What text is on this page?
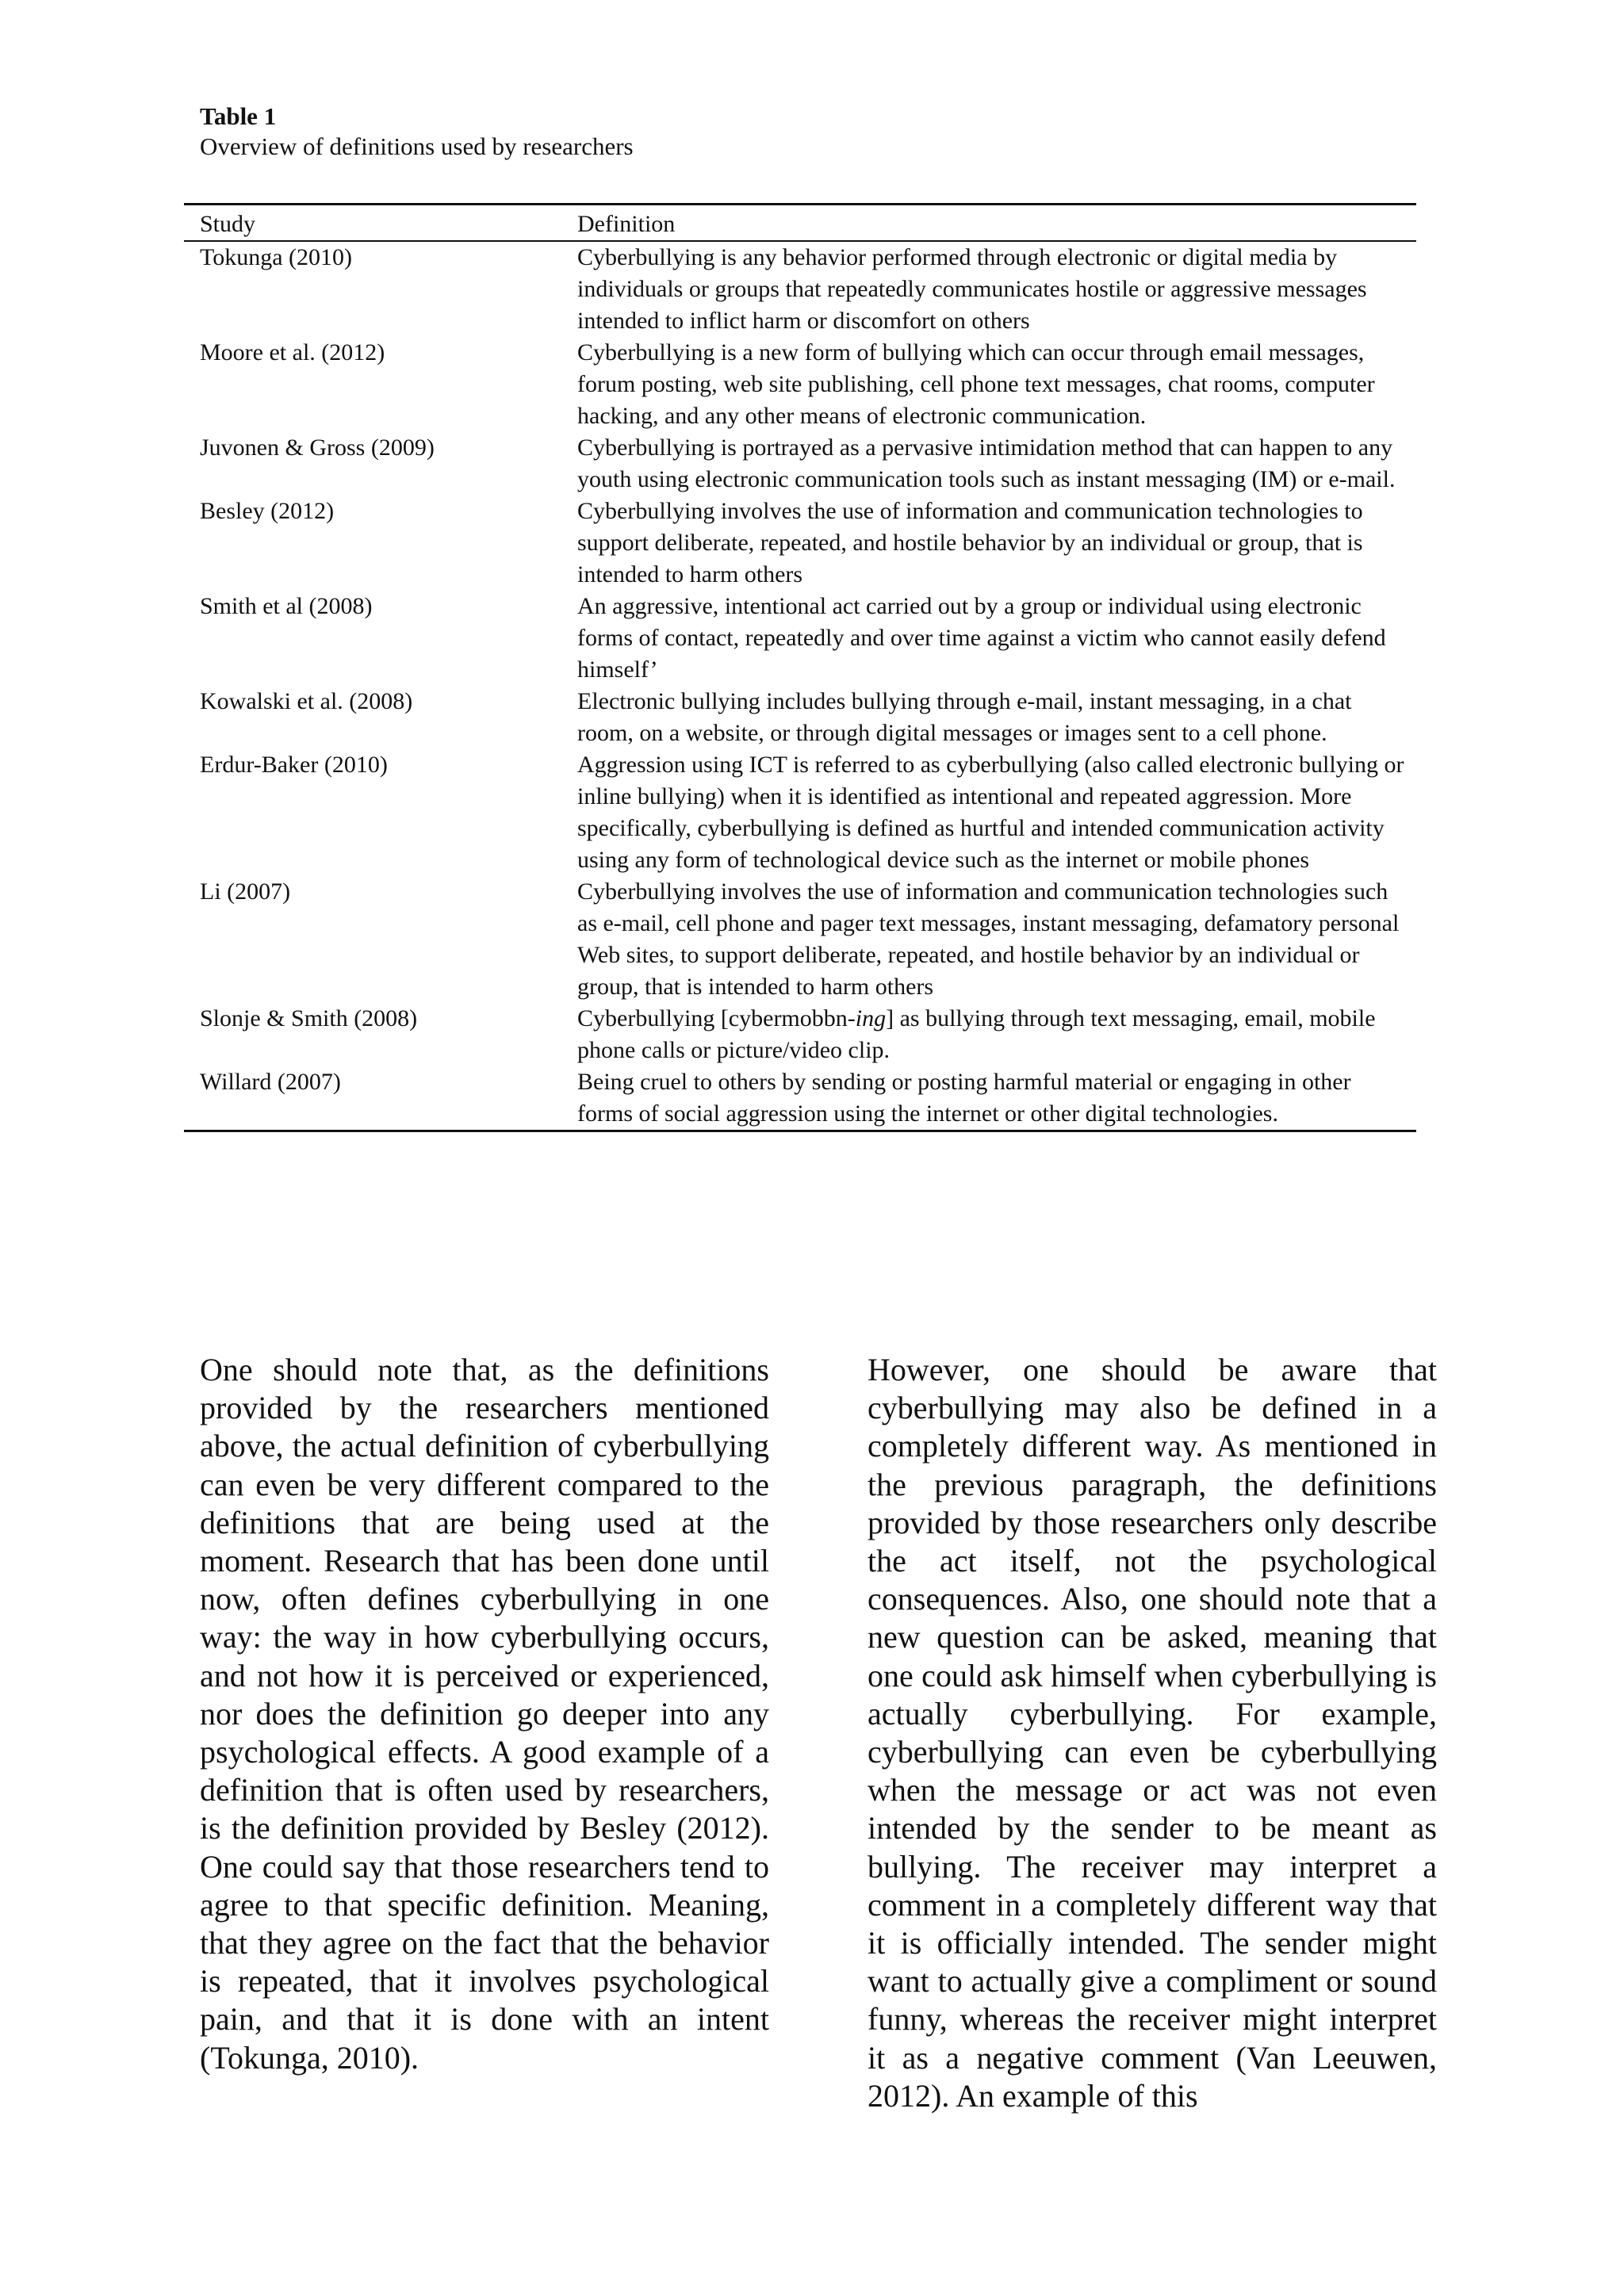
Table 1
Overview of definitions used by researchers
Study	Definition
Tokunga (2010)	Cyberbullying is any behavior performed through electronic or digital media by individuals or groups that repeatedly communicates hostile or aggressive messages intended to inflict harm or discomfort on others
Moore et al. (2012)	Cyberbullying is a new form of bullying which can occur through email messages, forum posting, web site publishing, cell phone text messages, chat rooms, computer hacking, and any other means of electronic communication.
Juvonen & Gross (2009)	Cyberbullying is portrayed as a pervasive intimidation method that can happen to any youth using electronic communication tools such as instant messaging (IM) or e-mail.
Besley (2012)	Cyberbullying involves the use of information and communication technologies to support deliberate, repeated, and hostile behavior by an individual or group, that is intended to harm others
Smith et al (2008)	An aggressive, intentional act carried out by a group or individual using electronic forms of contact, repeatedly and over time against a victim who cannot easily defend himself’
Kowalski et al. (2008)	Electronic bullying includes bullying through e-mail, instant messaging, in a chat room, on a website, or through digital messages or images sent to a cell phone.
Erdur-Baker (2010)	Aggression using ICT is referred to as cyberbullying (also called electronic bullying or inline bullying) when it is identified as intentional and repeated aggression. More specifically, cyberbullying is defined as hurtful and intended communication activity using any form of technological device such as the internet or mobile phones
Li (2007)	Cyberbullying involves the use of information and communication technologies such as e-mail, cell phone and pager text messages, instant messaging, defamatory personal Web sites, to support deliberate, repeated, and hostile behavior by an individual or group, that is intended to harm others
Slonje & Smith (2008)	Cyberbullying [cybermobbn-ing] as bullying through text messaging, email, mobile phone calls or picture/video clip.
Willard (2007)	Being cruel to others by sending or posting harmful material or engaging in other forms of social aggression using the internet or other digital technologies.

One should note that, as the definitions provided by the researchers mentioned above, the actual definition of cyberbullying can even be very different compared to the definitions that are being used at the moment. Research that has been done until now, often defines cyberbullying in one way: the way in how cyberbullying occurs, and not how it is perceived or experienced, nor does the definition go deeper into any psychological effects. A good example of a definition that is often used by researchers, is the definition provided by Besley (2012). One could say that those researchers tend to agree to that specific definition. Meaning, that they agree on the fact that the behavior is repeated, that it involves psychological pain, and that it is done with an intent (Tokunga, 2010).

However, one should be aware that cyberbullying may also be defined in a completely different way. As mentioned in the previous paragraph, the definitions provided by those researchers only describe the act itself, not the psychological consequences. Also, one should note that a new question can be asked, meaning that one could ask himself when cyberbullying is actually cyberbullying. For example, cyberbullying can even be cyberbullying when the message or act was not even intended by the sender to be meant as bullying. The receiver may interpret a comment in a completely different way that it is officially intended. The sender might want to actually give a compliment or sound funny, whereas the receiver might interpret it as a negative comment (Van Leeuwen, 2012). An example of this
